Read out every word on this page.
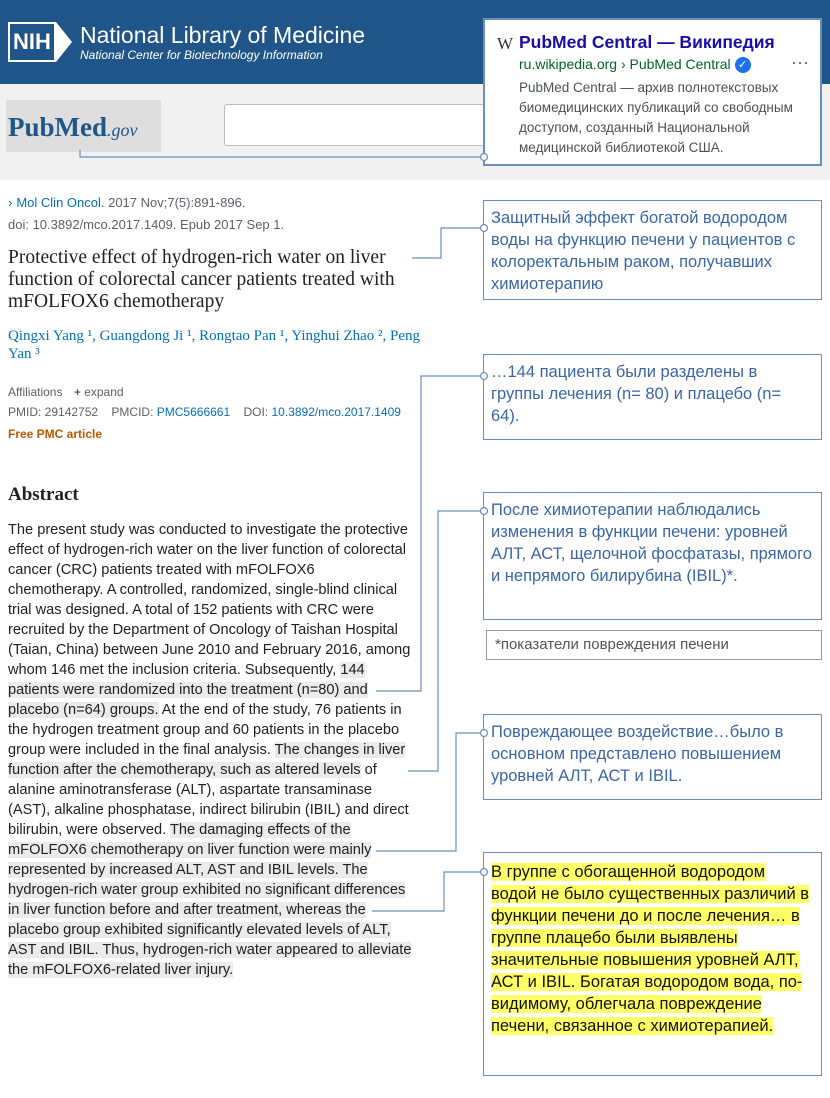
NIH National Library of Medicine
National Center for Biotechnology Information
PubMed.gov
› Mol Clin Oncol. 2017 Nov;7(5):891-896.
doi: 10.3892/mco.2017.1409. Epub 2017 Sep 1.
Protective effect of hydrogen-rich water on liver function of colorectal cancer patients treated with mFOLFOX6 chemotherapy
Qingxi Yang ¹, Guangdong Ji ¹, Rongtao Pan ¹, Yinghui Zhao ², Peng Yan ³
Affiliations + expand
PMID: 29142752 PMCID: PMC5666661 DOI: 10.3892/mco.2017.1409
Free PMC article
Abstract
The present study was conducted to investigate the protective effect of hydrogen-rich water on the liver function of colorectal cancer (CRC) patients treated with mFOLFOX6 chemotherapy. A controlled, randomized, single-blind clinical trial was designed. A total of 152 patients with CRC were recruited by the Department of Oncology of Taishan Hospital (Taian, China) between June 2010 and February 2016, among whom 146 met the inclusion criteria. Subsequently, 144 patients were randomized into the treatment (n=80) and placebo (n=64) groups. At the end of the study, 76 patients in the hydrogen treatment group and 60 patients in the placebo group were included in the final analysis. The changes in liver function after the chemotherapy, such as altered levels of alanine aminotransferase (ALT), aspartate transaminase (AST), alkaline phosphatase, indirect bilirubin (IBIL) and direct bilirubin, were observed. The damaging effects of the mFOLFOX6 chemotherapy on liver function were mainly represented by increased ALT, AST and IBIL levels. The hydrogen-rich water group exhibited no significant differences in liver function before and after treatment, whereas the placebo group exhibited significantly elevated levels of ALT, AST and IBIL. Thus, hydrogen-rich water appeared to alleviate the mFOLFOX6-related liver injury.
W PubMed Central — Википедия
ru.wikipedia.org › PubMed Central ✓ ···
PubMed Central — архив полнотекстовых биомедицинских публикаций со свободным доступом, созданный Национальной медицинской библиотекой США.
Защитный эффект богатой водородом воды на функцию печени у пациентов с колоректальным раком, получавших химиотерапию
…144 пациента были разделены в группы лечения (n= 80) и плацебо (n= 64).
После химиотерапии наблюдались изменения в функции печени: уровней АЛТ, АСТ, щелочной фосфатазы, прямого и непрямого билирубина (IBIL)*.
*показатели повреждения печени
Повреждающее воздействие…было в основном представлено повышением уровней АЛТ, АСТ и IBIL.
В группе с обогащенной водородом водой не было существенных различий в функции печени до и после лечения… в группе плацебо были выявлены значительные повышения уровней АЛТ, АСТ и IBIL. Богатая водородом вода, по-видимому, облегчала повреждение печени, связанное с химиотерапией.
